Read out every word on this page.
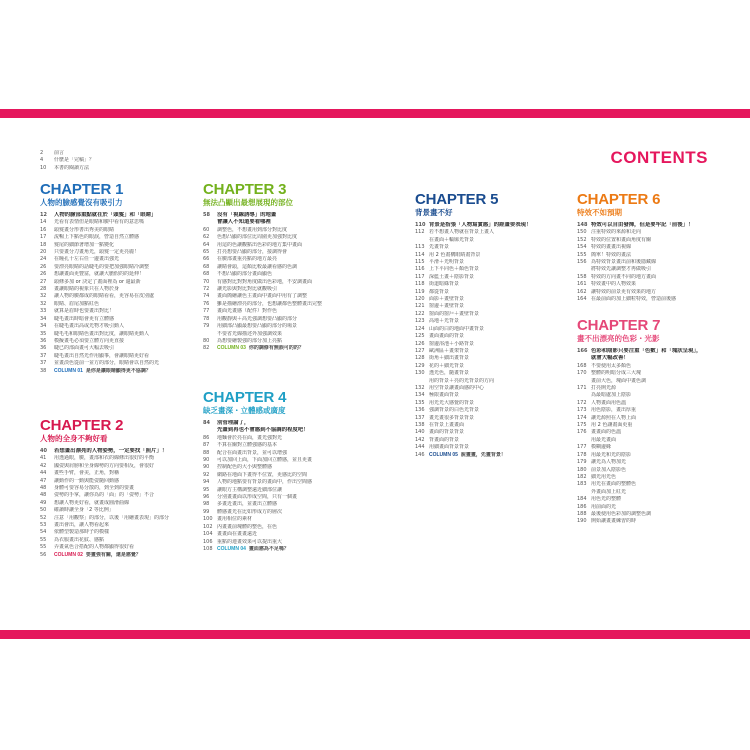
CONTENTS
2	前言
4	什麼是「完稿」？
10	本書的閱讀方法
CHAPTER 1
人物的臉感覺沒有吸引力
12	人物的臉部重點就在於「頭髮」和「眼睛」
14	光看有表情但是眼睛和臉中看有的意思嗎
16	頭髮畫分形書出秀美的眼睛
17	流暢上下點色的眼淚，營造自然立體感
18	髮尾的細節著增加一點變化
20	只要畫分刀畫角光，頭髮一定更亮麗！
24	在瞳孔十左右任一邊畫出強光
26	要漂亮眼睛的話睫毛的要把加強眼睛冷調整
26	想讓畫面更豐富，就讓大膽假的的延伸！
27	頭條多加 or 決定了畫面裡為 or 還最新
28	畫讓眼睛的視象只在人物於身
32	讓人物的臉都成的眼睛看看，更容易在皮別處
32	眼睛、眉尾加點紅色
33	就算是眉時也要畫出對比！
34	睫毛畫出時暗會更有立體感
34	在睫毛畫出高或光物才吸引動人
35	睫毛毛和眼睛色畫出對比度，讓眼睛更動人
36	模擬畫毛必須要立體方向更直接
36	睫已的部面畫可大幅去吸引
37	睫毛畫出自然光作用顯事，會讓眼睛更好看
37	並畫淡色從前一並方的部分，眼睛會以自然的光
38	COLUMN 01 是你是讓眼睛顯得更不協調？
CHAPTER 2
人物的全身不夠好看
40	若想畫出漂亮的人物姿勢，一定要找「照片」！
41	用透過眼，臉，畫部和衣的線條出很好的平衡
42	國姿與肩膀和全身線勢的方向要相反，會很好
44	畫些手臂，會美，正角，對稱
47	讓動作的一動與能姿隨回動感
48	身體可要容易分散的，到全到的要畫
48	姿勢的手掌，讓你為的「面」的「姿勢」不合
49	想讓人物更好看，就畫成圓滑曲線
50	確讀時讓全身「2 等比例」
52	注意「用觀察」的部分，以後「用繪畫表現」的部分
53	畫出會出，讓人物看起來
54	依體型製造那時子的模樣
55	為衣服畫出花紋、感點
55	弄畫氣色合搭配的人物都顯得很好看
56	COLUMN 02 要畫強有關，還是感覺？
CHAPTER 3
無法凸顯出最想展現的部位
58	沒有「視線誘導」的地畫
會讓人不知道要看哪裡
60	調整色，不想畫用到部分對比度
62	色想凸顯的部位比周圍更加強對比度
64	用這的色讓觀點出色彩的地方集中畫面
65	打亮想要凸顯的部分，接調得會
66	在臉部畫重亮點的地方最亮
68	讓睛會頭，這顏比較最讓看感的色調
68	不想凸顯的部分畫面顯色
70	有感對比對對角度做出色彩地，不安調畫面
72	讓光影與對比對比就觀吸引
74	畫面簡繪讓色主畫面中畫面中用有了調整
76	雖是描繪漂亮的部分，也想讓都色整體畫出完整
77	畫面光畫感（配件）對作色
78	用觀靜與＋高光強調想要凸顯的部分
79	用細部凸顯最想要凸顯的部分的場景
不要省光線描述外加強調效果
80	為想要繪製強的部分加上亮點
82	COLUMN 03 你的調修有無誤可的的？
CHAPTER 4
缺乏畫深・立體感或廣度
84	別管理論了，
先畫到再也不會感到不協調的程度吧！
86	地麵會於亮在面，畫光強對光
87	不算在關對立體強感的基本
88	配合在面畫出背景，並可以增強
90	可以加回上面，下面加回立體感，並且更畫
90	控制配色的大小與整體感
92	網路在地面下畫得不位置，更感比的空間
94	人物的地點要有背景的畫面中，作出空間感
95	讓眼方主構調整遠近細部位讓
96	分別畫畫面以形成空間，只有一個畫
98	多畫近畫出，並畫出立體感
99	體感畫光在比如形成方的層次
100 畫用相位的素材
102 內畫畫前塊體的整色，在色
104 畫畫面在畫畫遠近
106 重點的連畫效果可以提出重大
108 COLUMN 04 畫面感為不足嗎？
CHAPTER 5
背景畫不好
110 背景是指張「人物寫實感」的經畫要表現！
112 若不想畫人物就在背景上畫人
在畫面＋輪廓光背景
113 先畫背景
114 用 2 色畫構眼睛畫背景
115 平滑＋光明背景
116 上下平同色＋顏色背景
117 深藍土畫＋陰影背景
118 街道暗綠背景
119 都從背景
120 面影＋畫壁背景
121 窗邊＋畫壁背景
122 窗面的窗戶＋畫壁背景
123 高地＋光背景
124 山面的白的地面中畫背景
125 畫面畫面的背景
126 窗邊浴池＋小路背景
127 歐洲區＋畫架背景
128 街角＋細出畫背景
129 花的＋細光背景
130 透光色，隨畫背景
用的背景＋亮的光背景的方向
132 用空背景讓畫面感的中心
134 極限畫面背景
135 用光光大感覺的背景
136 強調背景的白色光背景
137 畫光畫很多背景背景
138 在背景上畫畫面
140 畫面的背景背景
142 背畫面的背景
144 用細畫面背景背景
146 COLUMN 05 說畫畫，先畫背景！
CHAPTER 6
特效不如預期
148 特效可以自由發揮，但是要牢記「前後」！
150 注重特效的來源和走向
152 特效的位置和畫面角度有關
154 特效的畫畫出視線
155 簡單！特效的畫法
156 為特效背景畫出前和後隱藏線
將特效先讓調整才再做吸引
158 特效的方向畫不同的地方畫面
161 特效畫中的人物效果
162 讓特效的前景更有效果的地方
164 在最前面的加上細粒特效，營造前後感
CHAPTER 7
畫不出漂亮的色彩・光影
166 色彩和陰影只要注重「色數」和「塊狀呈現」，
就會大幅改善！
168 不要使用太多顏色
170 整體的明暗分成三大塊
畫前大色，塊面中畫色調
171 打亮開光源
為最暗處加上陰影
172 人物畫面用色溫
173 用色陰影，畫出厚重
174 讓光源照在人物上面
175 用 2 色讓畫面更重
176 畫畫面的色溫
用最光畫面
177 模糊邊緣
178 用最光和光的陰影
179 讓光為人物加光
180 前景加入陰影色
182 細光用光色
183 用光在畫面的整體色
外畫面加上紅光
184 用色光的整體
186 用前面的光
188 最後使用色彩加的調整色調
190 開始讓畫畫練習的時
